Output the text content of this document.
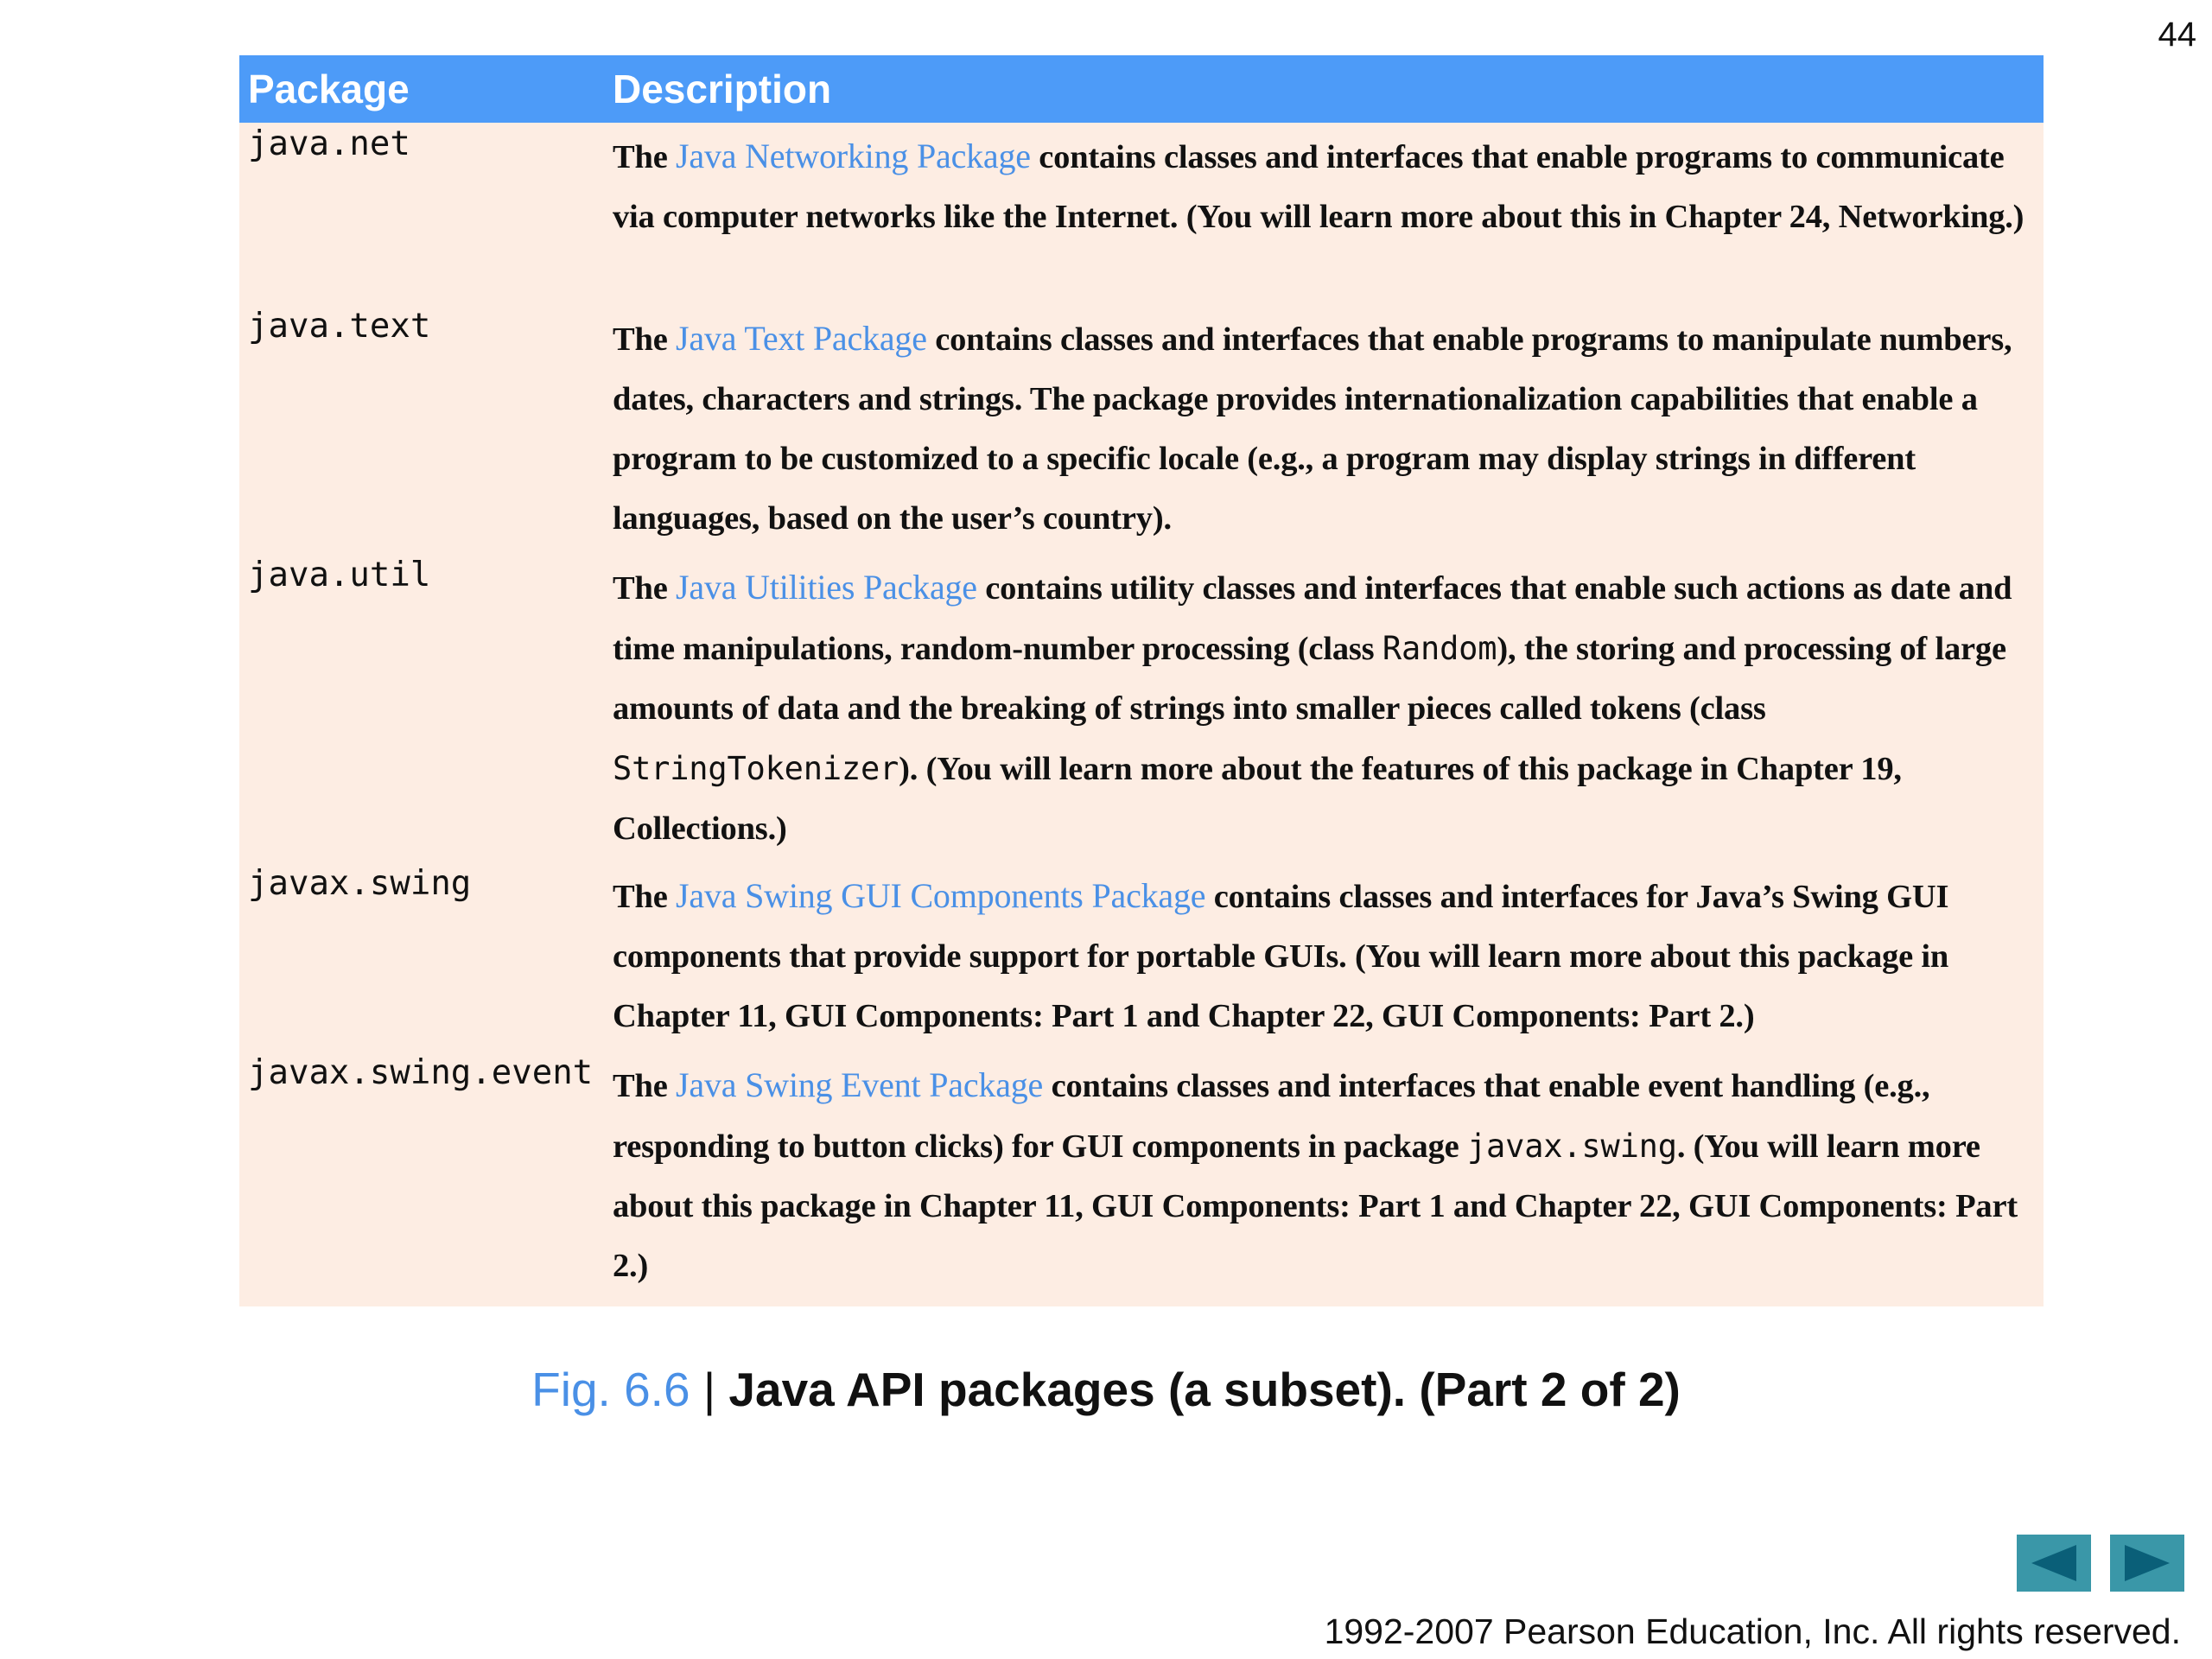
44
Package	Description
java.net	The Java Networking Package contains classes and interfaces that enable programs to communicate via computer networks like the Internet. (You will learn more about this in Chapter 24, Networking.)
java.text	The Java Text Package contains classes and interfaces that enable programs to manipulate numbers, dates, characters and strings. The package provides internationalization capabilities that enable a program to be customized to a specific locale (e.g., a program may display strings in different languages, based on the user’s country).
java.util	The Java Utilities Package contains utility classes and interfaces that enable such actions as date and time manipulations, random-number processing (class Random), the storing and processing of large amounts of data and the breaking of strings into smaller pieces called tokens (class StringTokenizer). (You will learn more about the features of this package in Chapter 19, Collections.)
javax.swing	The Java Swing GUI Components Package contains classes and interfaces for Java’s Swing GUI components that provide support for portable GUIs. (You will learn more about this package in Chapter 11, GUI Components: Part 1 and Chapter 22, GUI Components: Part 2.)
javax.swing.event The Java Swing Event Package contains classes and interfaces that enable event handling (e.g., responding to button clicks) for GUI components in package javax.swing. (You will learn more about this package in Chapter 11, GUI Components: Part 1 and Chapter 22, GUI Components: Part 2.)
Fig. 6.6 | Java API packages (a subset). (Part 2 of 2)
1992-2007 Pearson Education, Inc. All rights reserved.
